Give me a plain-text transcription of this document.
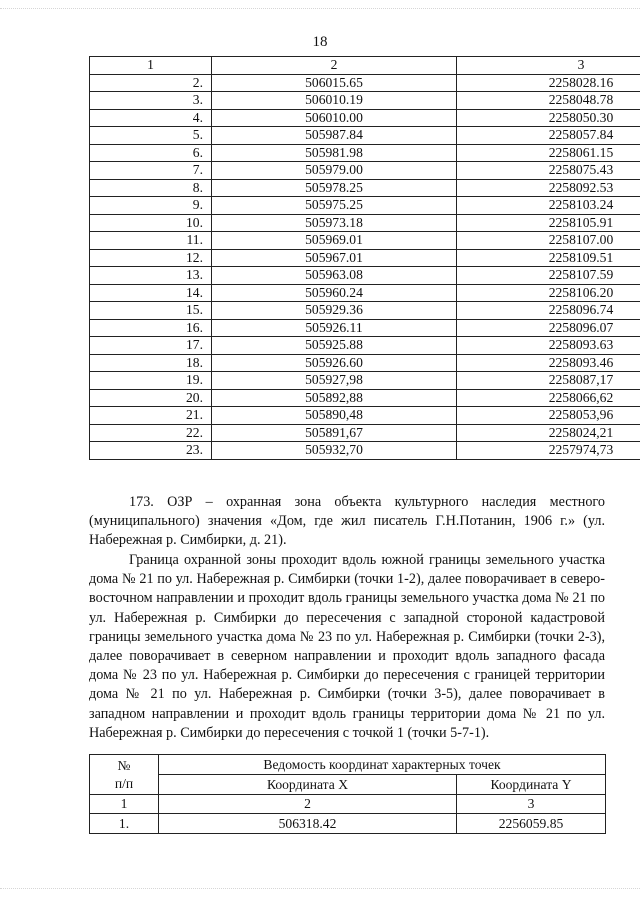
18
1	2	3
2.	506015.65	2258028.16
3.	506010.19	2258048.78
4.	506010.00	2258050.30
5.	505987.84	2258057.84
6.	505981.98	2258061.15
7.	505979.00	2258075.43
8.	505978.25	2258092.53
9.	505975.25	2258103.24
10.	505973.18	2258105.91
11.	505969.01	2258107.00
12.	505967.01	2258109.51
13.	505963.08	2258107.59
14.	505960.24	2258106.20
15.	505929.36	2258096.74
16.	505926.11	2258096.07
17.	505925.88	2258093.63
18.	505926.60	2258093.46
19.	505927,98	2258087,17
20.	505892,88	2258066,62
21.	505890,48	2258053,96
22.	505891,67	2258024,21
23.	505932,70	2257974,73

173. ОЗР – охранная зона объекта культурного наследия местного (муниципального) значения «Дом, где жил писатель Г.Н.Потанин, 1906 г.» (ул. Набережная р. Симбирки, д. 21).

Граница охранной зоны проходит вдоль южной границы земельного участка дома № 21 по ул. Набережная р. Симбирки (точки 1-2), далее поворачивает в северо-восточном направлении и проходит вдоль границы земельного участка дома № 21 по ул. Набережная р. Симбирки до пересечения с западной стороной кадастровой границы земельного участка дома № 23 по ул. Набережная р. Симбирки (точки 2-3), далее поворачивает в северном направлении и проходит вдоль западного фасада дома № 23 по ул. Набережная р. Симбирки до пересечения с границей территории дома № 21 по ул. Набережная р. Симбирки (точки 3-5), далее поворачивает в западном направлении и проходит вдоль границы территории дома № 21 по ул. Набережная р. Симбирки до пересечения с точкой 1 (точки 5-7-1).

№
п/п	Ведомость координат характерных точек	
	Координата X	Координата Y
1	2	3
1.	506318.42	2256059.85
